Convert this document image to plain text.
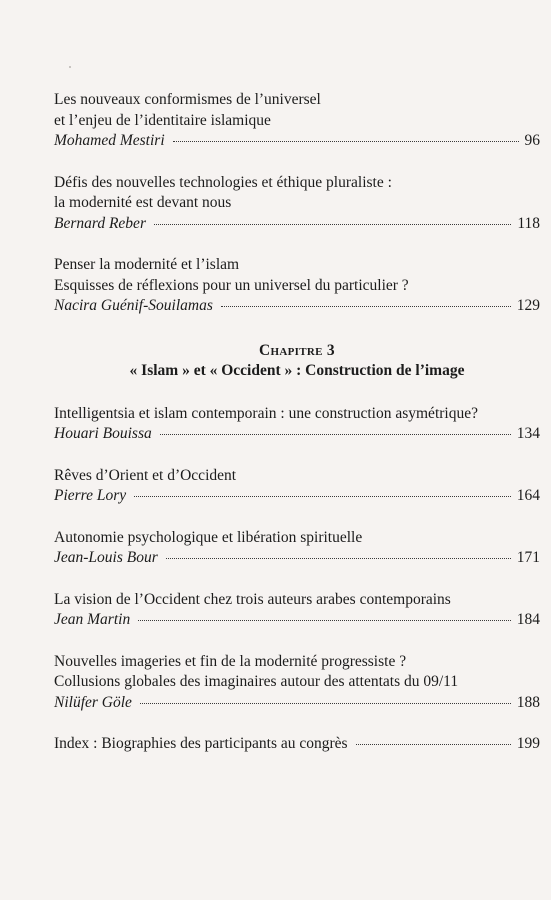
Les nouveaux conformismes de l’universel
et l’enjeu de l’identitaire islamique
Mohamed Mestiri	96
Défis des nouvelles technologies et éthique pluraliste :
la modernité est devant nous
Bernard Reber	118
Penser la modernité et l’islam
Esquisses de réflexions pour un universel du particulier ?
Nacira Guénif-Souilamas	129
Chapitre 3
« Islam » et « Occident » : Construction de l’image
Intelligentsia et islam contemporain : une construction asymétrique?
Houari Bouissa	134
Rêves d’Orient et d’Occident
Pierre Lory	164
Autonomie psychologique et libération spirituelle
Jean-Louis Bour	171
La vision de l’Occident chez trois auteurs arabes contemporains
Jean Martin	184
Nouvelles imageries et fin de la modernité progressiste ?
Collusions globales des imaginaires autour des attentats du 09/11
Nilüfer Göle	188
Index : Biographies des participants au congrès	199
